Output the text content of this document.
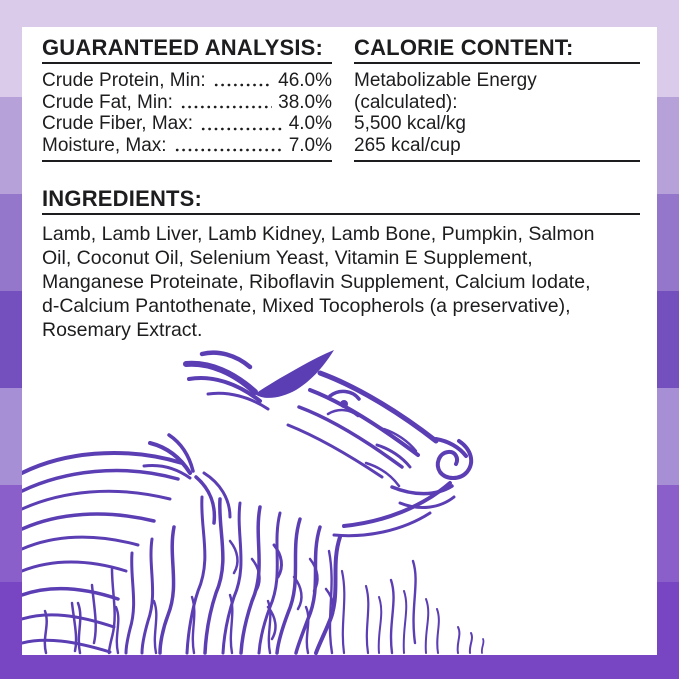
GUARANTEED ANALYSIS:
Crude Protein, Min:	46.0%
Crude Fat, Min:	38.0%
Crude Fiber, Max:	4.0%
Moisture, Max:	7.0%
CALORIE CONTENT:
Metabolizable Energy
(calculated):
5,500 kcal/kg
265 kcal/cup
INGREDIENTS:
Lamb, Lamb Liver, Lamb Kidney, Lamb Bone, Pumpkin, Salmon
Oil, Coconut Oil, Selenium Yeast, Vitamin E Supplement,
Manganese Proteinate, Riboflavin Supplement, Calcium Iodate,
d-Calcium Pantothenate, Mixed Tocopherols (a preservative),
Rosemary Extract.
